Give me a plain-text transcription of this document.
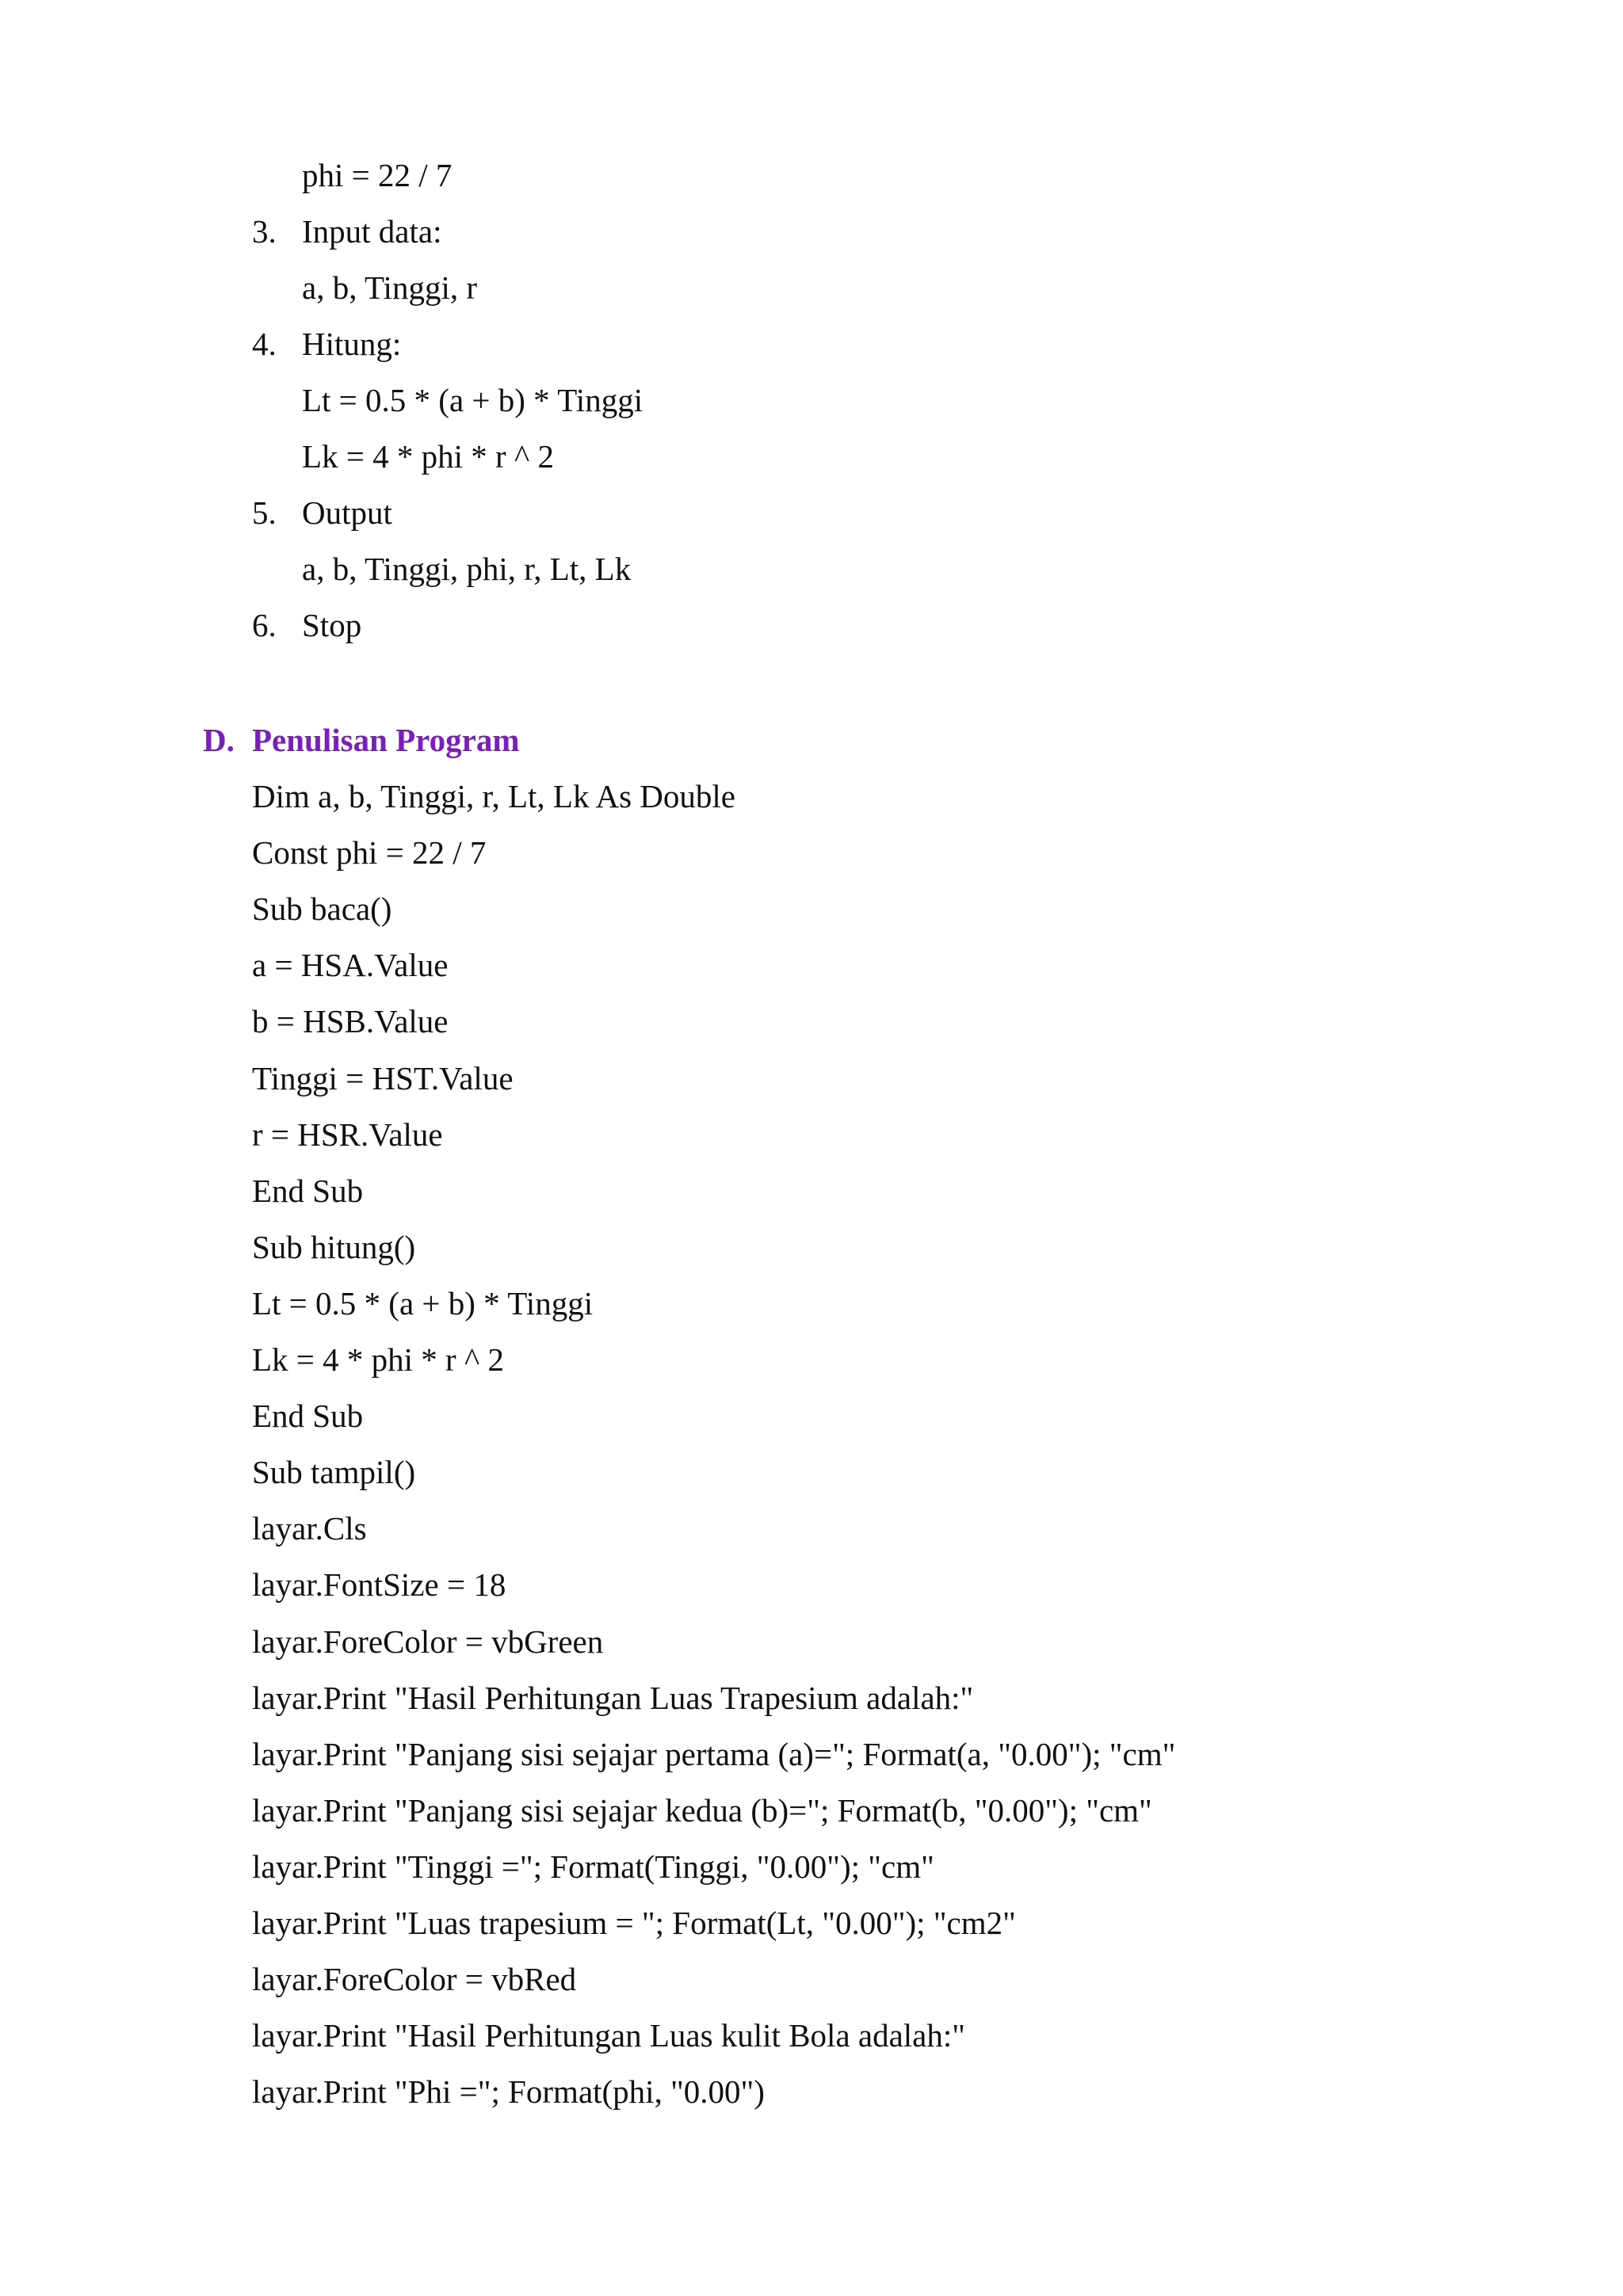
phi = 22 / 7
3. Input data:
a, b, Tinggi, r
4. Hitung:
Lt = 0.5 * (a + b) * Tinggi
Lk = 4 * phi * r ^ 2
5. Output
a, b, Tinggi, phi, r, Lt, Lk
6. Stop
D. Penulisan Program
Dim a, b, Tinggi, r, Lt, Lk As Double
Const phi = 22 / 7
Sub baca()
a = HSA.Value
b = HSB.Value
Tinggi = HST.Value
r = HSR.Value
End Sub
Sub hitung()
Lt = 0.5 * (a + b) * Tinggi
Lk = 4 * phi * r ^ 2
End Sub
Sub tampil()
layar.Cls
layar.FontSize = 18
layar.ForeColor = vbGreen
layar.Print "Hasil Perhitungan Luas Trapesium adalah:"
layar.Print "Panjang sisi sejajar pertama (a)="; Format(a, "0.00"); "cm"
layar.Print "Panjang sisi sejajar kedua (b)="; Format(b, "0.00"); "cm"
layar.Print "Tinggi ="; Format(Tinggi, "0.00"); "cm"
layar.Print "Luas trapesium = "; Format(Lt, "0.00"); "cm2"
layar.ForeColor = vbRed
layar.Print "Hasil Perhitungan Luas kulit Bola adalah:"
layar.Print "Phi ="; Format(phi, "0.00")
